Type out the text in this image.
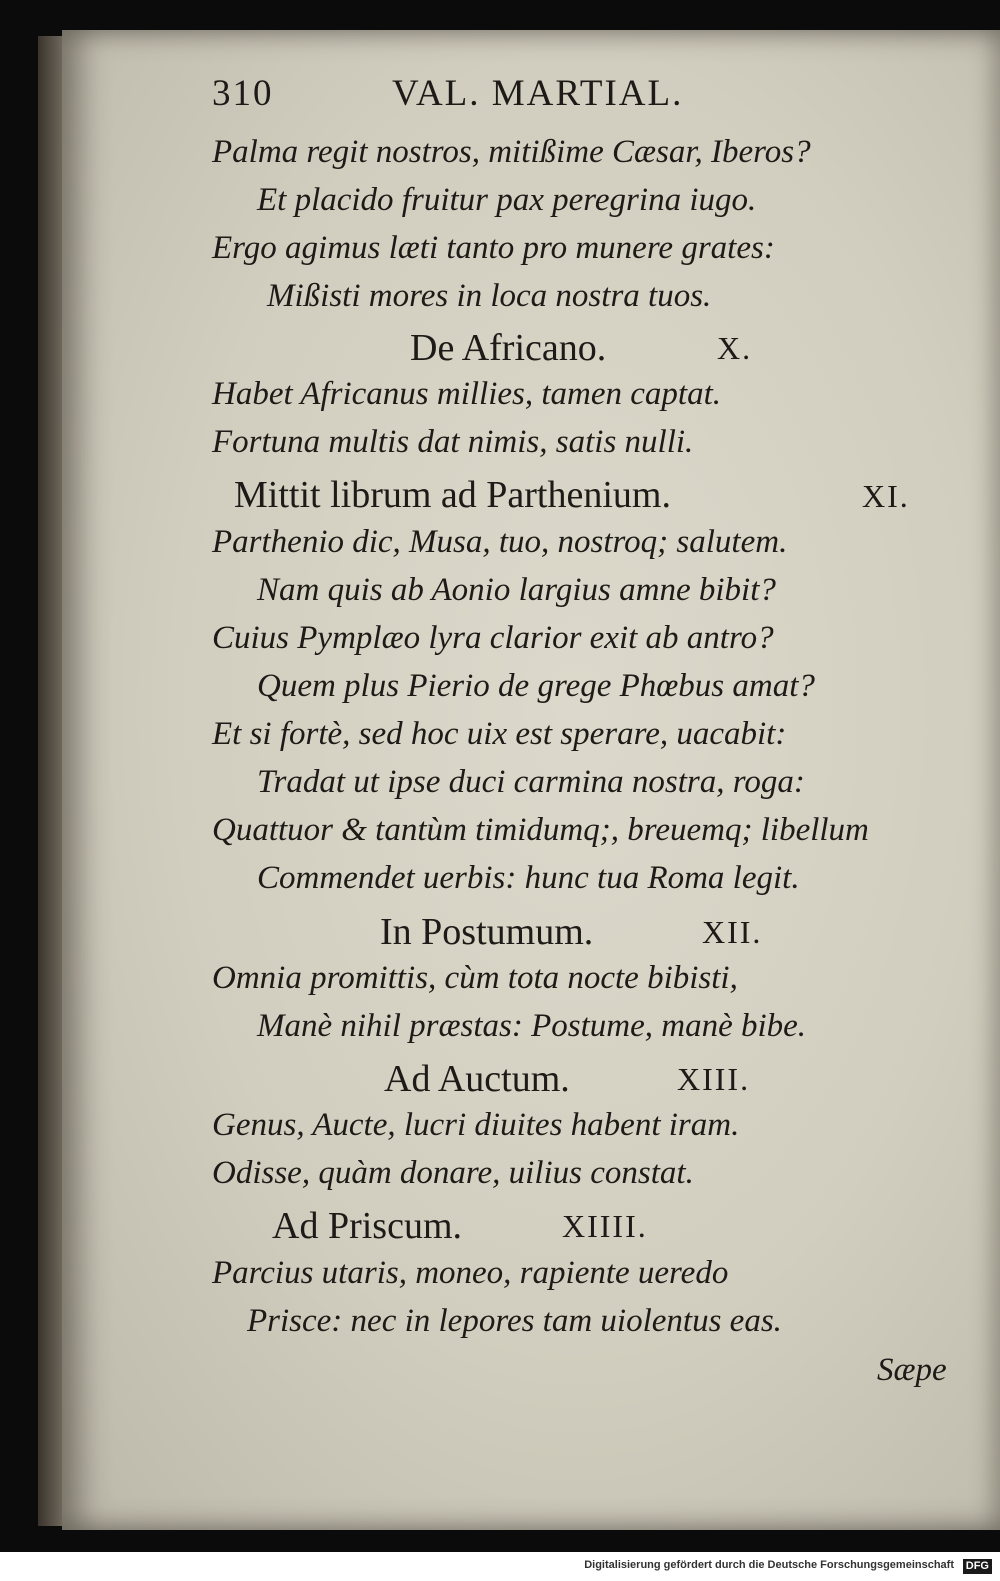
310	VAL. MARTIAL.
Palma regit nostros, mitißime Cæsar, Iberos?
Et placido fruitur pax peregrina iugo.
Ergo agimus læti tanto pro munere grates:
Mißisti mores in loca nostra tuos.
De Africano.	X.
Habet Africanus millies, tamen captat.
Fortuna multis dat nimis, satis nulli.
Mittit librum ad Parthenium.	XI.
Parthenio dic, Musa, tuo, nostroq; salutem.
Nam quis ab Aonio largius amne bibit?
Cuius Pymplæo lyra clarior exit ab antro?
Quem plus Pierio de grege Phœbus amat?
Et si fortè, sed hoc uix est sperare, uacabit:
Tradat ut ipse duci carmina nostra, roga:
Quattuor & tantùm timidumq;, breuemq; libellum
Commendet uerbis: hunc tua Roma legit.
In Postumum.	XII.
Omnia promittis, cùm tota nocte bibisti,
Manè nihil præstas: Postume, manè bibe.
Ad Auctum.	XIII.
Genus, Aucte, lucri diuites habent iram.
Odisse, quàm donare, uilius constat.
Ad Priscum.	XIIII.
Parcius utaris, moneo, rapiente ueredo
Prisce: nec in lepores tam uiolentus eas.
Sæpe
Digitalisierung gefördert durch die Deutsche Forschungsgemeinschaft DFG
